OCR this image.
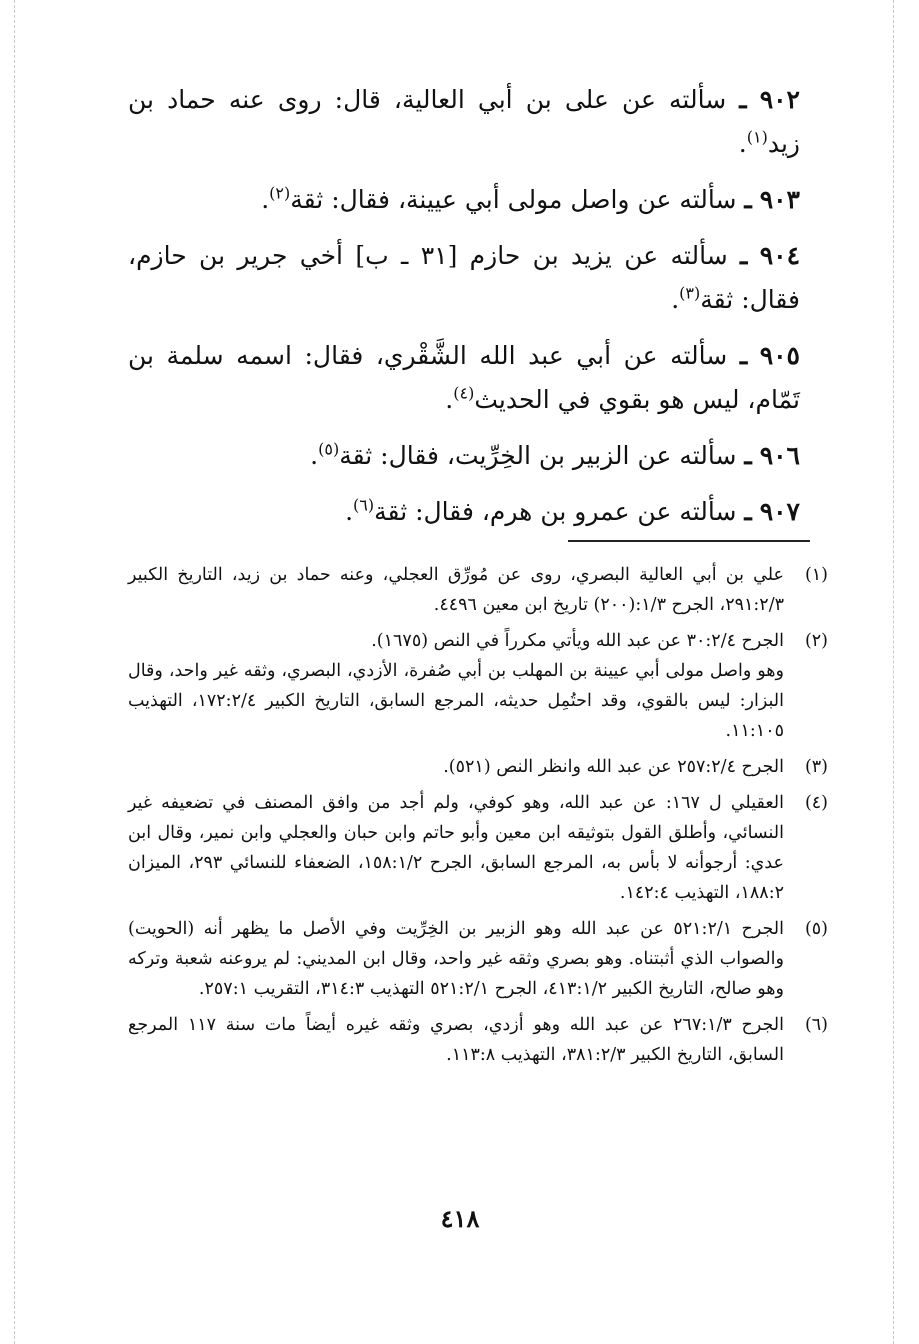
٩٠٢ ـ سألته عن على بن أبي العالية، قال: روى عنه حماد بن زيد$^{(١)}$.

٩٠٣ ـ سألته عن واصل مولى أبي عيينة، فقال: ثقة$^{(٢)}$.

٩٠٤ ـ سألته عن يزيد بن حازم [٣١ ـ ب] أخي جرير بن حازم، فقال: ثقة$^{(٣)}$.

٩٠٥ ـ سألته عن أبي عبد الله الشَّقْري، فقال: اسمه سلمة بن تَمّام، ليس هو بقوي في الحديث$^{(٤)}$.

٩٠٦ ـ سألته عن الزبير بن الخِرِّيت، فقال: ثقة$^{(٥)}$.

٩٠٧ ـ سألته عن عمرو بن هرم، فقال: ثقة$^{(٦)}$.

(١)

علي بن أبي العالية البصري، روى عن مُورِّق العجلي، وعنه حماد بن زيد، التاريخ الكبير ٢٩١:٢/٣، الجرح ١/٣:(٢٠٠) تاريخ ابن معين ٤٤٩٦.

(٢)

الجرح ٣٠:٢/٤ عن عبد الله ويأتي مكرراً في النص (١٦٧٥).

وهو واصل مولى أبي عيينة بن المهلب بن أبي صُفرة، الأزدي، البصري، وثقه غير واحد، وقال البزار: ليس بالقوي، وقد احتُمِل حديثه، المرجع السابق، التاريخ الكبير ١٧٢:٢/٤، التهذيب ١١:١٠٥.

(٣)

الجرح ٢٥٧:٢/٤ عن عبد الله وانظر النص (٥٢١).

(٤)

العقيلي ل ١٦٧: عن عبد الله، وهو كوفي، ولم أجد من وافق المصنف في تضعيفه غير النسائي، وأطلق القول بتوثيقه ابن معين وأبو حاتم وابن حبان والعجلي وابن نمير، وقال ابن عدي: أرجوأنه لا بأس به، المرجع السابق، الجرح ١٥٨:١/٢، الضعفاء للنسائي ٢٩٣، الميزان ١٨٨:٢، التهذيب ١٤٢:٤.

(٥)

الجرح ٥٢١:٢/١ عن عبد الله وهو الزبير بن الخِرِّيت وفي الأصل ما يظهر أنه (الحويت) والصواب الذي أثبتناه. وهو بصري وثقه غير واحد، وقال ابن المديني: لم يروعنه شعبة وتركه وهو صالح، التاريخ الكبير ٤١٣:١/٢، الجرح ٥٢١:٢/١ التهذيب ٣١٤:٣، التقريب ٢٥٧:١.

(٦)

الجرح ٢٦٧:١/٣ عن عبد الله وهو أزدي، بصري وثقه غيره أيضاً مات سنة ١١٧ المرجع السابق، التاريخ الكبير ٣٨١:٢/٣، التهذيب ١١٣:٨.

٤١٨
